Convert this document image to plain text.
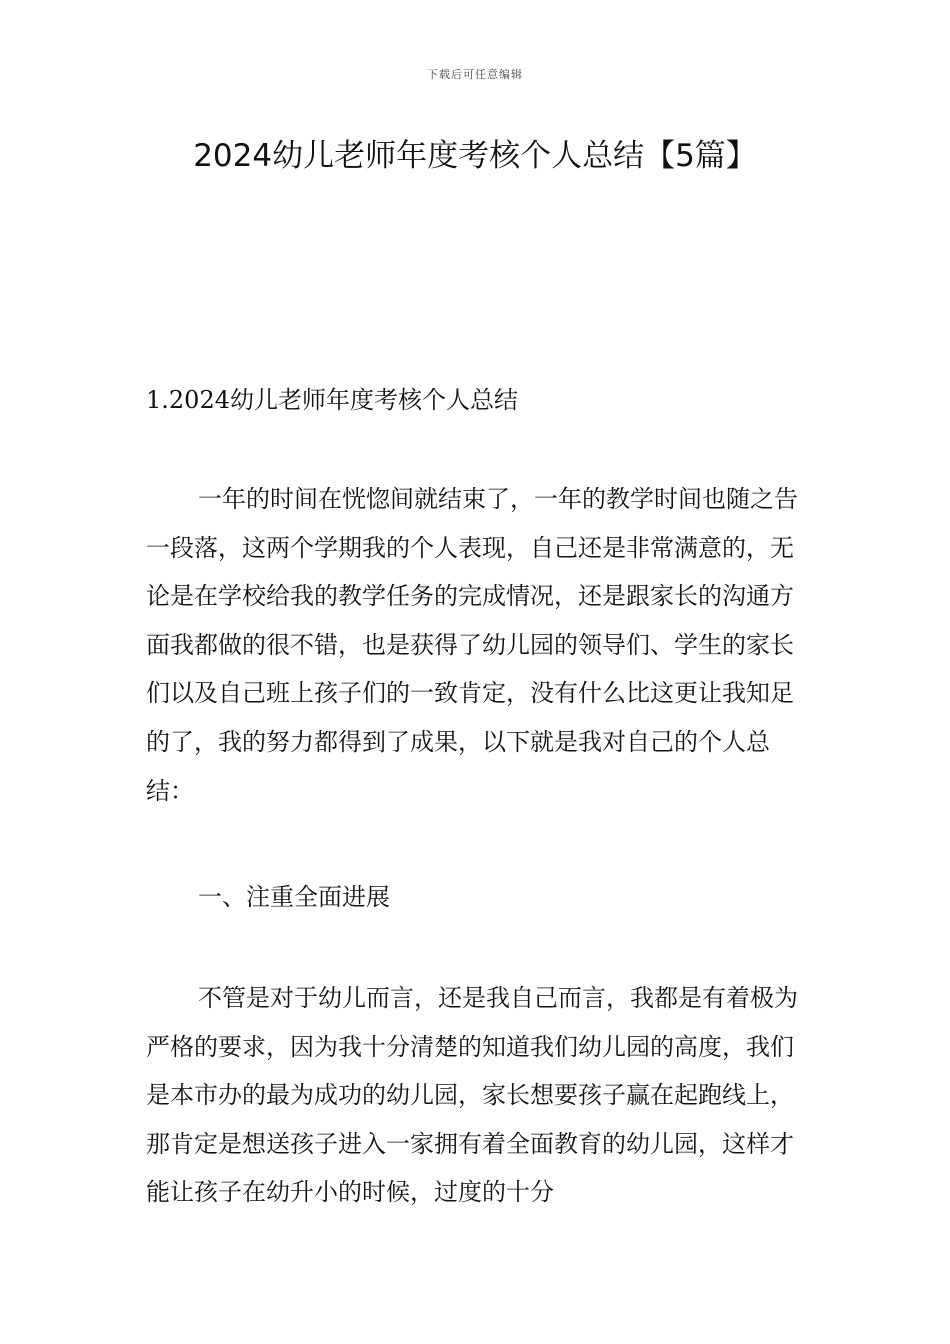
下载后可任意编辑
2024幼儿老师年度考核个人总结【5篇】

1.2024幼儿老师年度考核个人总结

一年的时间在恍惚间就结束了，一年的教学时间也随之告一段落，这两个学期我的个人表现，自己还是非常满意的，无论是在学校给我的教学任务的完成情况，还是跟家长的沟通方面我都做的很不错，也是获得了幼儿园的领导们、学生的家长们以及自己班上孩子们的一致肯定，没有什么比这更让我知足的了，我的努力都得到了成果，以下就是我对自己的个人总结：

一、注重全面进展

不管是对于幼儿而言，还是我自己而言，我都是有着极为严格的要求，因为我十分清楚的知道我们幼儿园的高度，我们是本市办的最为成功的幼儿园，家长想要孩子赢在起跑线上，那肯定是想送孩子进入一家拥有着全面教育的幼儿园，这样才能让孩子在幼升小的时候，过度的十分
